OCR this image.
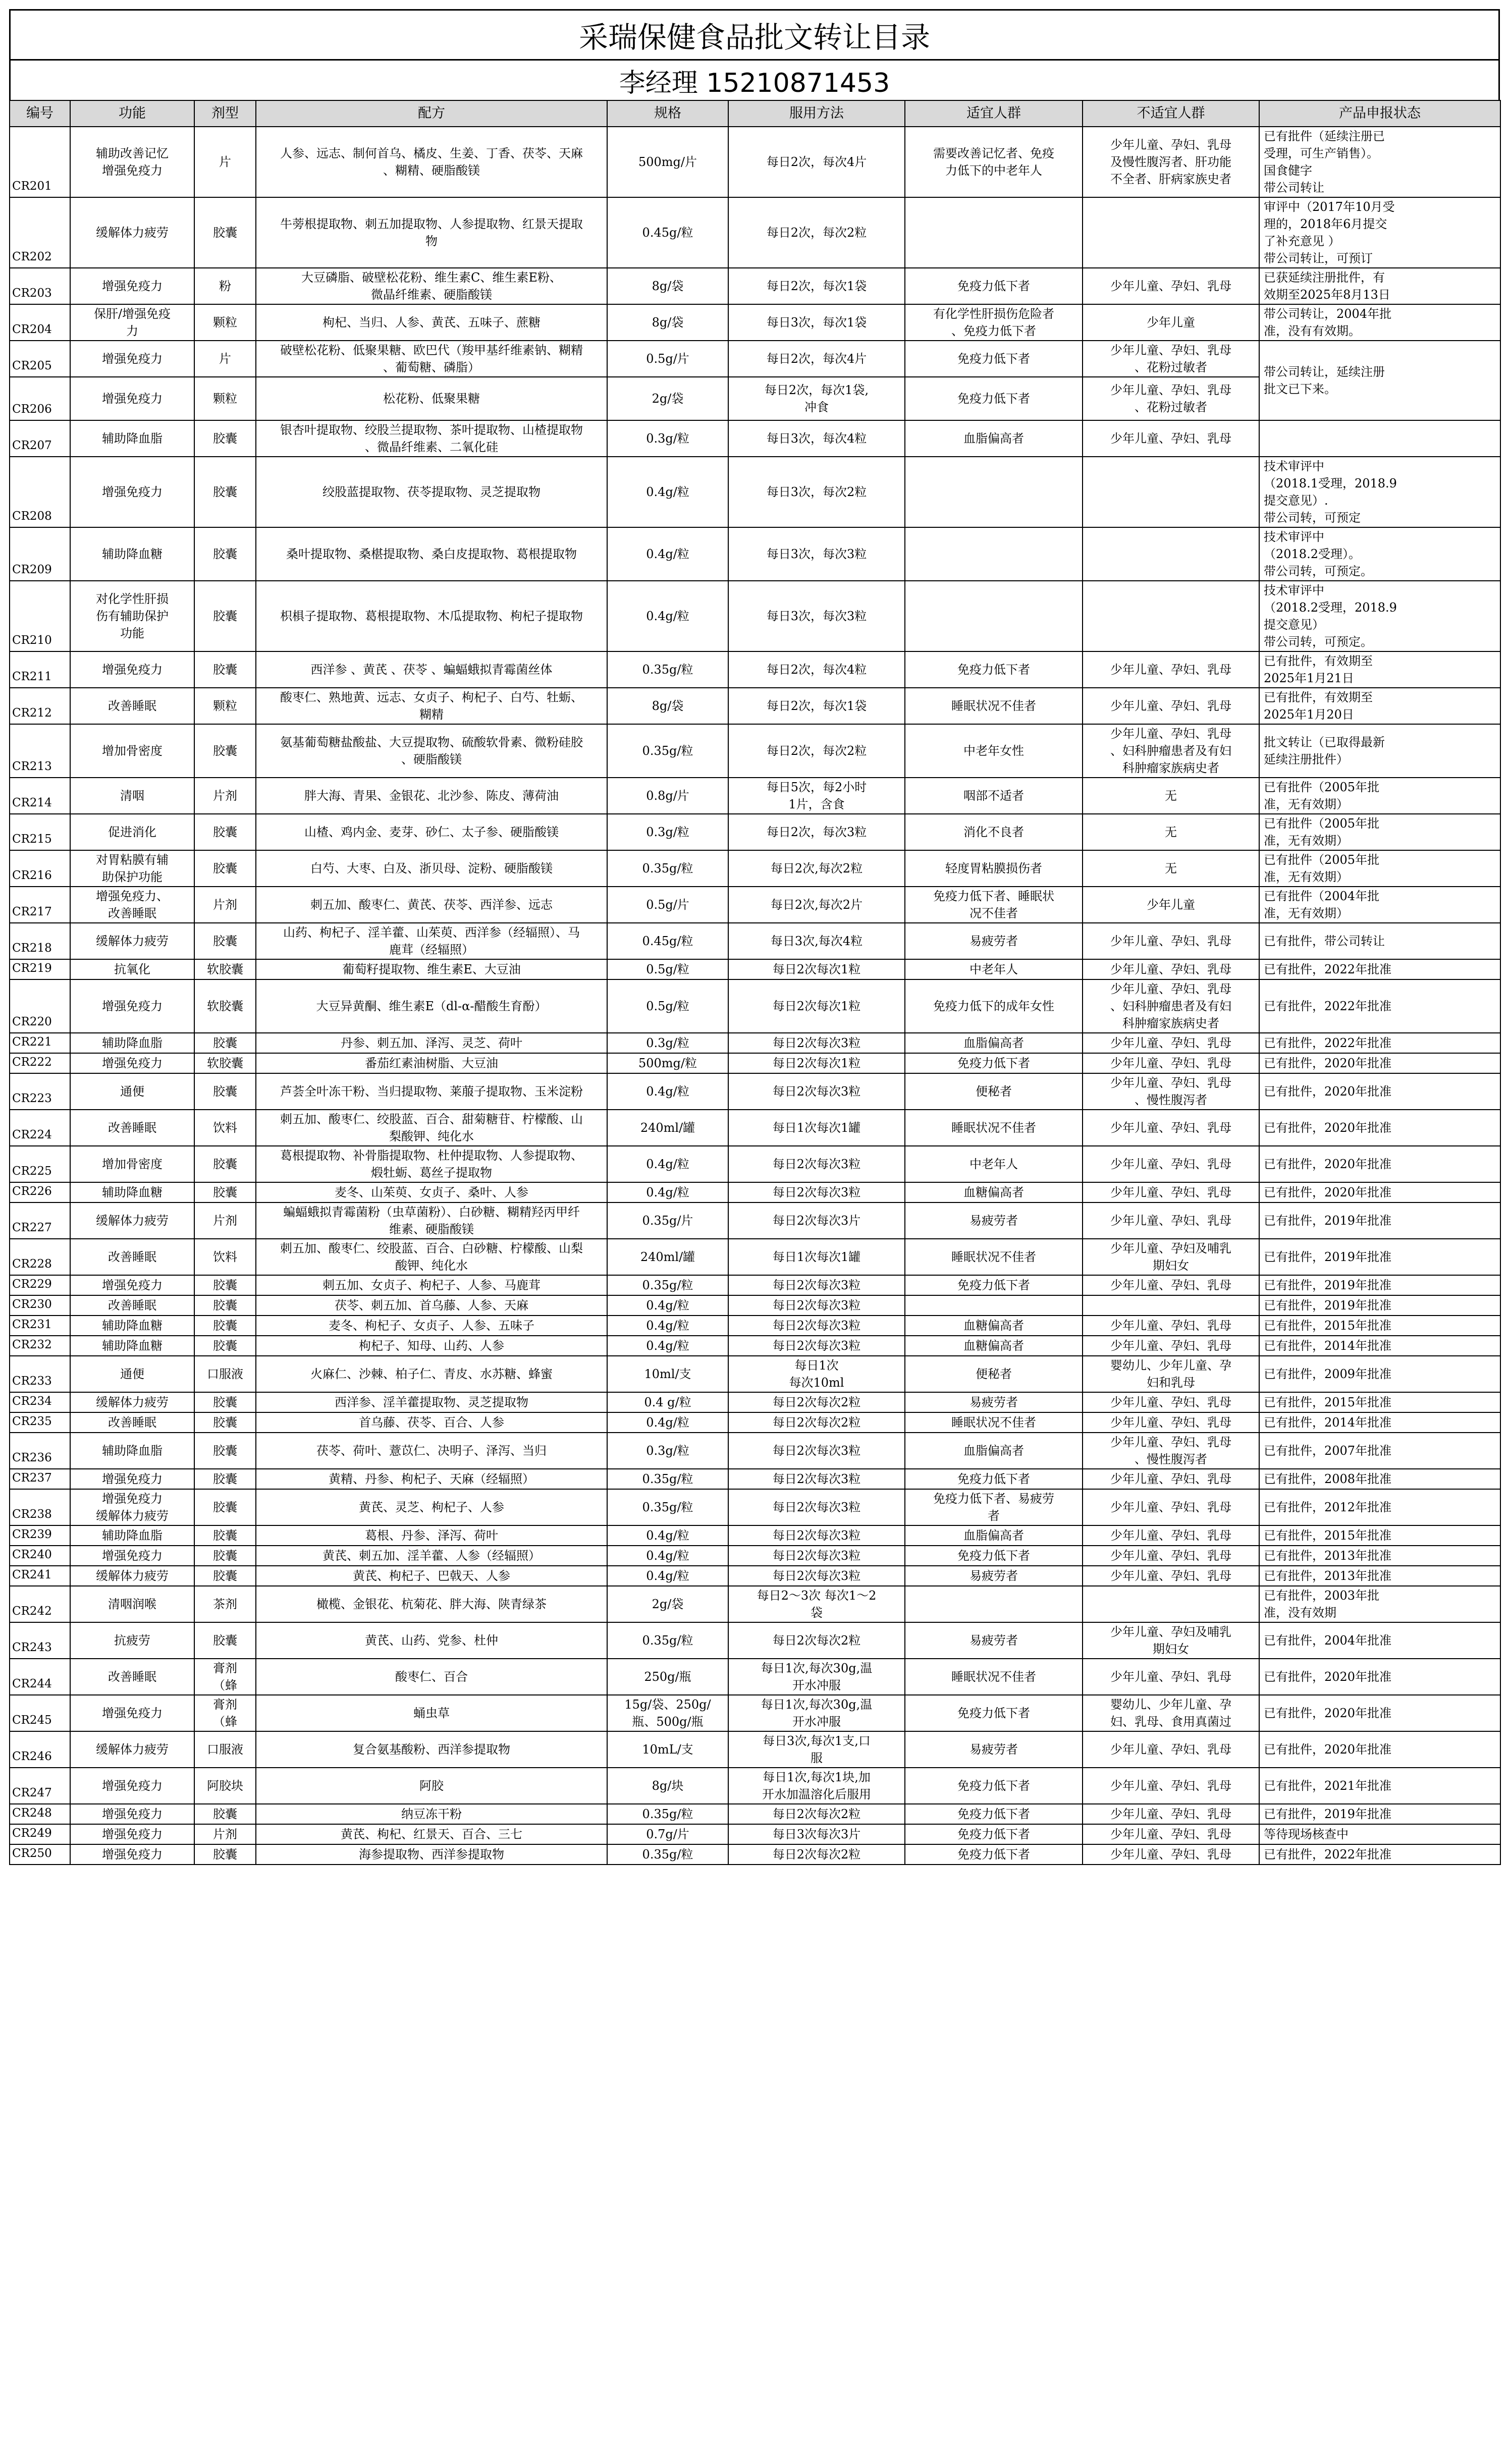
采瑞保健食品批文转让目录
李经理 15210871453
编号	功能	剂型	配方	规格	服用方法	适宜人群	不适宜人群	产品申报状态
CR201	辅助改善记忆
增强免疫力	片	人参、远志、制何首乌、橘皮、生姜、丁香、茯苓、天麻
、糊精、硬脂酸镁	500mg/片	每日2次，每次4片	需要改善记忆者、免疫
力低下的中老年人	少年儿童、孕妇、乳母
及慢性腹泻者、肝功能
不全者、肝病家族史者	已有批件（延续注册已
受理，可生产销售）。
国食健字
带公司转让
CR202	缓解体力疲劳	胶囊	牛蒡根提取物、刺五加提取物、人参提取物、红景天提取
物	0.45g/粒	每日2次，每次2粒			审评中（2017年10月受
理的，2018年6月提交
了补充意见 ）
带公司转让，可预订
CR203	增强免疫力	粉	大豆磷脂、破壁松花粉、维生素C、维生素E粉、
微晶纤维素、硬脂酸镁	8g/袋	每日2次，每次1袋	免疫力低下者	少年儿童、孕妇、乳母	已获延续注册批件，有
效期至2025年8月13日
CR204	保肝/增强免疫
力	颗粒	枸杞、当归、人参、黄芪、五味子、蔗糖	8g/袋	每日3次，每次1袋	有化学性肝损伤危险者
、免疫力低下者	少年儿童	带公司转让，2004年批
准，没有有效期。
CR205	增强免疫力	片	破壁松花粉、低聚果糖、欧巴代（羧甲基纤维素钠、糊精
、葡萄糖、磷脂）	0.5g/片	每日2次，每次4片	免疫力低下者	少年儿童、孕妇、乳母
、花粉过敏者	带公司转让，延续注册
批文已下来。
CR206	增强免疫力	颗粒	松花粉、低聚果糖	2g/袋	每日2次，每次1袋,
冲食	免疫力低下者	少年儿童、孕妇、乳母
、花粉过敏者	
CR207	辅助降血脂	胶囊	银杏叶提取物、绞股兰提取物、茶叶提取物、山楂提取物
、微晶纤维素、二氧化硅	0.3g/粒	每日3次，每次4粒	血脂偏高者	少年儿童、孕妇、乳母	
CR208	增强免疫力	胶囊	绞股蓝提取物、茯苓提取物、灵芝提取物	0.4g/粒	每日3次，每次2粒			技术审评中
（2018.1受理，2018.9
提交意见）.
带公司转，可预定
CR209	辅助降血糖	胶囊	桑叶提取物、桑椹提取物、桑白皮提取物、葛根提取物	0.4g/粒	每日3次，每次3粒			技术审评中
（2018.2受理）。
带公司转，可预定。
CR210	对化学性肝损
伤有辅助保护
功能	胶囊	枳椇子提取物、葛根提取物、木瓜提取物、枸杞子提取物	0.4g/粒	每日3次，每次3粒			技术审评中
（2018.2受理，2018.9
提交意见）
带公司转，可预定。
CR211	增强免疫力	胶囊	西洋参 、黄芪 、茯苓 、蝙蝠蛾拟青霉菌丝体	0.35g/粒	每日2次，每次4粒	免疫力低下者	少年儿童、孕妇、乳母	已有批件，有效期至
2025年1月21日
CR212	改善睡眠	颗粒	酸枣仁、熟地黄、远志、女贞子、枸杞子、白芍、牡蛎、
糊精	8g/袋	每日2次，每次1袋	睡眠状况不佳者	少年儿童、孕妇、乳母	已有批件，有效期至
2025年1月20日
CR213	增加骨密度	胶囊	氨基葡萄糖盐酸盐、大豆提取物、硫酸软骨素、微粉硅胶
、硬脂酸镁	0.35g/粒	每日2次，每次2粒	中老年女性	少年儿童、孕妇、乳母
、妇科肿瘤患者及有妇
科肿瘤家族病史者	批文转让（已取得最新
延续注册批件）
CR214	清咽	片剂	胖大海、青果、金银花、北沙参、陈皮、薄荷油	0.8g/片	每日5次，每2小时
1片，含食	咽部不适者	无	已有批件（2005年批
准，无有效期）
CR215	促进消化	胶囊	山楂、鸡内金、麦芽、砂仁、太子参、硬脂酸镁	0.3g/粒	每日2次，每次3粒	消化不良者	无	已有批件（2005年批
准，无有效期）
CR216	对胃粘膜有辅
助保护功能	胶囊	白芍、大枣、白及、浙贝母、淀粉、硬脂酸镁	0.35g/粒	每日2次,每次2粒	轻度胃粘膜损伤者	无	已有批件（2005年批
准，无有效期）
CR217	增强免疫力、
改善睡眠	片剂	刺五加、酸枣仁、黄芪、茯苓、西洋参、远志	0.5g/片	每日2次,每次2片	免疫力低下者、睡眠状
况不佳者	少年儿童	已有批件（2004年批
准，无有效期）
CR218	缓解体力疲劳	胶囊	山药、枸杞子、淫羊藿、山茱萸、西洋参（经辐照）、马
鹿茸（经辐照）	0.45g/粒	每日3次,每次4粒	易疲劳者	少年儿童、孕妇、乳母	已有批件，带公司转让
CR219	抗氧化	软胶囊	葡萄籽提取物、维生素E、大豆油	0.5g/粒	每日2次每次1粒	中老年人	少年儿童、孕妇、乳母	已有批件，2022年批准
CR220	增强免疫力	软胶囊	大豆异黄酮、维生素E（dl-α-醋酸生育酚）	0.5g/粒	每日2次每次1粒	免疫力低下的成年女性	少年儿童、孕妇、乳母
、妇科肿瘤患者及有妇
科肿瘤家族病史者	已有批件，2022年批准
CR221	辅助降血脂	胶囊	丹参、刺五加、泽泻、灵芝、荷叶	0.3g/粒	每日2次每次3粒	血脂偏高者	少年儿童、孕妇、乳母	已有批件，2022年批准
CR222	增强免疫力	软胶囊	番茄红素油树脂、大豆油	500mg/粒	每日2次每次1粒	免疫力低下者	少年儿童、孕妇、乳母	已有批件，2020年批准
CR223	通便	胶囊	芦荟全叶冻干粉、当归提取物、莱菔子提取物、玉米淀粉	0.4g/粒	每日2次每次3粒	便秘者	少年儿童、孕妇、乳母
、慢性腹泻者	已有批件，2020年批准
CR224	改善睡眠	饮料	刺五加、酸枣仁、绞股蓝、百合、甜菊糖苷、柠檬酸、山
梨酸钾、纯化水	240ml/罐	每日1次每次1罐	睡眠状况不佳者	少年儿童、孕妇、乳母	已有批件，2020年批准
CR225	增加骨密度	胶囊	葛根提取物、补骨脂提取物、杜仲提取物、人参提取物、
煅牡蛎、葛丝子提取物	0.4g/粒	每日2次每次3粒	中老年人	少年儿童、孕妇、乳母	已有批件，2020年批准
CR226	辅助降血糖	胶囊	麦冬、山茱萸、女贞子、桑叶、人参	0.4g/粒	每日2次每次3粒	血糖偏高者	少年儿童、孕妇、乳母	已有批件，2020年批准
CR227	缓解体力疲劳	片剂	蝙蝠蛾拟青霉菌粉（虫草菌粉）、白砂糖、糊精羟丙甲纤
维素、硬脂酸镁	0.35g/片	每日2次每次3片	易疲劳者	少年儿童、孕妇、乳母	已有批件，2019年批准
CR228	改善睡眠	饮料	刺五加、酸枣仁、绞股蓝、百合、白砂糖、柠檬酸、山梨
酸钾、纯化水	240ml/罐	每日1次每次1罐	睡眠状况不佳者	少年儿童、孕妇及哺乳
期妇女	已有批件，2019年批准
CR229	增强免疫力	胶囊	刺五加、女贞子、枸杞子、人参、马鹿茸	0.35g/粒	每日2次每次3粒	免疫力低下者	少年儿童、孕妇、乳母	已有批件，2019年批准
CR230	改善睡眠	胶囊	茯苓、刺五加、首乌藤、人参、天麻	0.4g/粒	每日2次每次3粒			已有批件，2019年批准
CR231	辅助降血糖	胶囊	麦冬、枸杞子、女贞子、人参、五味子	0.4g/粒	每日2次每次3粒	血糖偏高者	少年儿童、孕妇、乳母	已有批件，2015年批准
CR232	辅助降血糖	胶囊	枸杞子、知母、山药、人参	0.4g/粒	每日2次每次3粒	血糖偏高者	少年儿童、孕妇、乳母	已有批件，2014年批准
CR233	通便	口服液	火麻仁、沙棘、柏子仁、青皮、水苏糖、蜂蜜	10ml/支	每日1次
每次10ml	便秘者	婴幼儿、少年儿童、孕
妇和乳母	已有批件，2009年批准
CR234	缓解体力疲劳	胶囊	西洋参、淫羊藿提取物、灵芝提取物	0.4 g/粒	每日2次每次2粒	易疲劳者	少年儿童、孕妇、乳母	已有批件，2015年批准
CR235	改善睡眠	胶囊	首乌藤、茯苓、百合、人参	0.4g/粒	每日2次每次2粒	睡眠状况不佳者	少年儿童、孕妇、乳母	已有批件，2014年批准
CR236	辅助降血脂	胶囊	茯苓、荷叶、薏苡仁、决明子、泽泻、当归	0.3g/粒	每日2次每次3粒	血脂偏高者	少年儿童、孕妇、乳母
、慢性腹泻者	已有批件，2007年批准
CR237	增强免疫力	胶囊	黄精、丹参、枸杞子、天麻（经辐照）	0.35g/粒	每日2次每次3粒	免疫力低下者	少年儿童、孕妇、乳母	已有批件，2008年批准
CR238	增强免疫力
缓解体力疲劳	胶囊	黄芪、灵芝、枸杞子、人参	0.35g/粒	每日2次每次3粒	免疫力低下者、易疲劳
者	少年儿童、孕妇、乳母	已有批件，2012年批准
CR239	辅助降血脂	胶囊	葛根、丹参、泽泻、荷叶	0.4g/粒	每日2次每次3粒	血脂偏高者	少年儿童、孕妇、乳母	已有批件，2015年批准
CR240	增强免疫力	胶囊	黄芪、刺五加、淫羊藿、人参（经辐照）	0.4g/粒	每日2次每次3粒	免疫力低下者	少年儿童、孕妇、乳母	已有批件，2013年批准
CR241	缓解体力疲劳	胶囊	黄芪、枸杞子、巴戟天、人参	0.4g/粒	每日2次每次3粒	易疲劳者	少年儿童、孕妇、乳母	已有批件，2013年批准
CR242	清咽润喉	茶剂	橄榄、金银花、杭菊花、胖大海、陕青绿茶	2g/袋	每日2～3次 每次1～2
袋			已有批件，2003年批
准，没有效期
CR243	抗疲劳	胶囊	黄芪、山药、党参、杜仲	0.35g/粒	每日2次每次2粒	易疲劳者	少年儿童、孕妇及哺乳
期妇女	已有批件，2004年批准
CR244	改善睡眠	膏剂
（蜂	酸枣仁、百合	250g/瓶	每日1次,每次30g,温
开水冲服	睡眠状况不佳者	少年儿童、孕妇、乳母	已有批件，2020年批准
CR245	增强免疫力	膏剂
（蜂	蛹虫草	15g/袋、250g/
瓶、500g/瓶	每日1次,每次30g,温
开水冲服	免疫力低下者	婴幼儿、少年儿童、孕
妇、乳母、食用真菌过	已有批件，2020年批准
CR246	缓解体力疲劳	口服液	复合氨基酸粉、西洋参提取物	10mL/支	每日3次,每次1支,口
服	易疲劳者	少年儿童、孕妇、乳母	已有批件，2020年批准
CR247	增强免疫力	阿胶块	阿胶	8g/块	每日1次,每次1块,加
开水加温溶化后服用	免疫力低下者	少年儿童、孕妇、乳母	已有批件，2021年批准
CR248	增强免疫力	胶囊	纳豆冻干粉	0.35g/粒	每日2次每次2粒	免疫力低下者	少年儿童、孕妇、乳母	已有批件，2019年批准
CR249	增强免疫力	片剂	黄芪、枸杞、红景天、百合、三七	0.7g/片	每日3次每次3片	免疫力低下者	少年儿童、孕妇、乳母	等待现场核查中
CR250	增强免疫力	胶囊	海参提取物、西洋参提取物	0.35g/粒	每日2次每次2粒	免疫力低下者	少年儿童、孕妇、乳母	已有批件，2022年批准
